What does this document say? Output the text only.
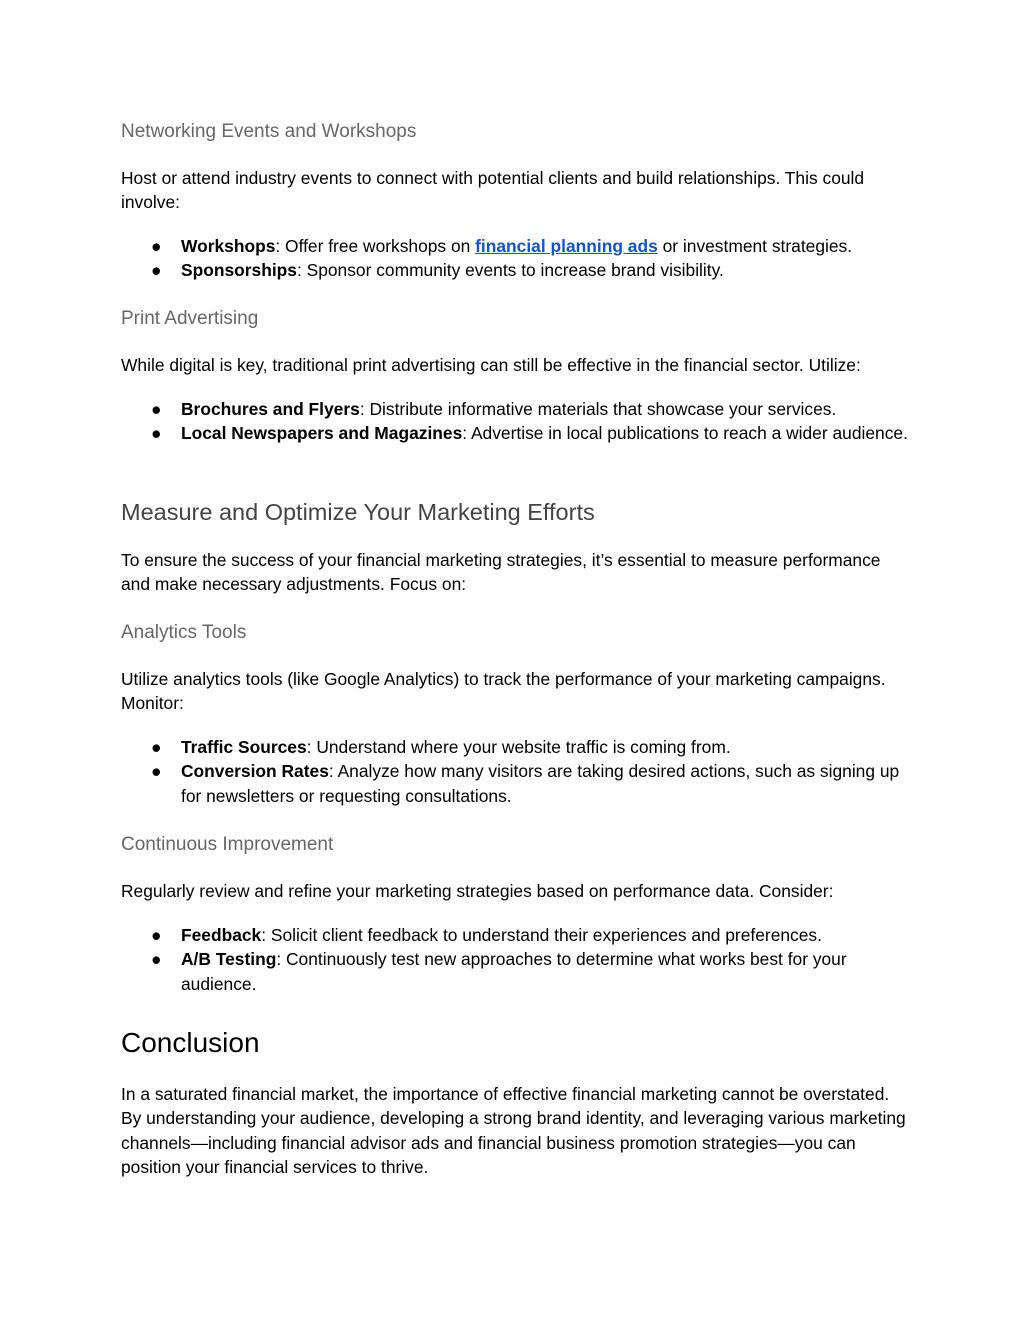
Networking Events and Workshops

Host or attend industry events to connect with potential clients and build relationships. This could involve:

●	Workshops: Offer free workshops on financial planning ads or investment strategies.
●	Sponsorships: Sponsor community events to increase brand visibility.
Print Advertising

While digital is key, traditional print advertising can still be effective in the financial sector. Utilize:

●	Brochures and Flyers: Distribute informative materials that showcase your services.
●	Local Newspapers and Magazines: Advertise in local publications to reach a wider audience.
Measure and Optimize Your Marketing Efforts

To ensure the success of your financial marketing strategies, it’s essential to measure performance and make necessary adjustments. Focus on:

Analytics Tools

Utilize analytics tools (like Google Analytics) to track the performance of your marketing campaigns. Monitor:

●	Traffic Sources: Understand where your website traffic is coming from.
●	Conversion Rates: Analyze how many visitors are taking desired actions, such as signing up for newsletters or requesting consultations.
Continuous Improvement

Regularly review and refine your marketing strategies based on performance data. Consider:

●	Feedback: Solicit client feedback to understand their experiences and preferences.
●	A/B Testing: Continuously test new approaches to determine what works best for your audience.
Conclusion

In a saturated financial market, the importance of effective financial marketing cannot be overstated. By understanding your audience, developing a strong brand identity, and leveraging various marketing channels—including financial advisor ads and financial business promotion strategies—you can position your financial services to thrive.
